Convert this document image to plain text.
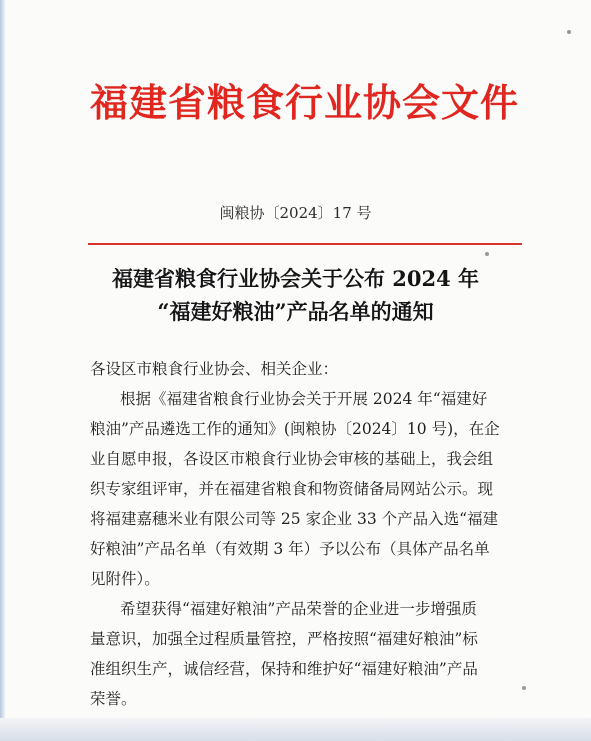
福建省粮食行业协会文件
闽粮协〔2024〕17 号
福建省粮食行业协会关于公布 2024 年
“福建好粮油”产品名单的通知
各设区市粮食行业协会、相关企业：
根据《福建省粮食行业协会关于开展 2024 年“福建好
粮油”产品遴选工作的通知》(闽粮协〔2024〕10 号)，在企
业自愿申报，各设区市粮食行业协会审核的基础上，我会组
织专家组评审，并在福建省粮食和物资储备局网站公示。现
将福建嘉穗米业有限公司等 25 家企业 33 个产品入选“福建
好粮油”产品名单（有效期 3 年）予以公布（具体产品名单
见附件）。
希望获得“福建好粮油”产品荣誉的企业进一步增强质
量意识，加强全过程质量管控，严格按照“福建好粮油”标
准组织生产，诚信经营，保持和维护好“福建好粮油”产品
荣誉。
